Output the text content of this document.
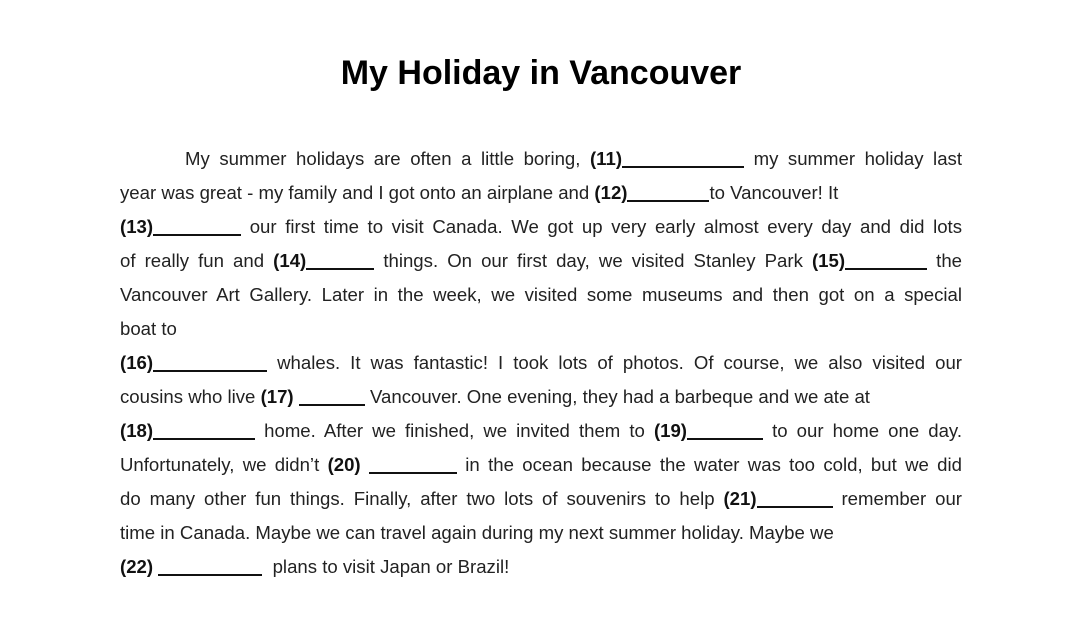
My Holiday in Vancouver
My summer holidays are often a little boring, (11)	my summer holiday last
year was great - my family and I got onto an airplane and (12)	to Vancouver! It
(13)	our first time to visit Canada. We got up very early almost every day and did lots
of really fun and (14)	things. On our first day, we visited Stanley Park (15)	the
Vancouver Art Gallery. Later in the week, we visited some museums and then got on a special
boat to
(16)	whales. It was fantastic! I took lots of photos. Of course, we also visited our
cousins who live (17)	Vancouver. One evening, they had a barbeque and we ate at
(18)	home. After we finished, we invited them to (19)	to our home one day.
Unfortunately, we didn’t (20)	in the ocean because the water was too cold, but we did
do many other fun things. Finally, after two lots of souvenirs to help (21)	remember our
time in Canada. Maybe we can travel again during my next summer holiday. Maybe we
(22)	plans to visit Japan or Brazil!
